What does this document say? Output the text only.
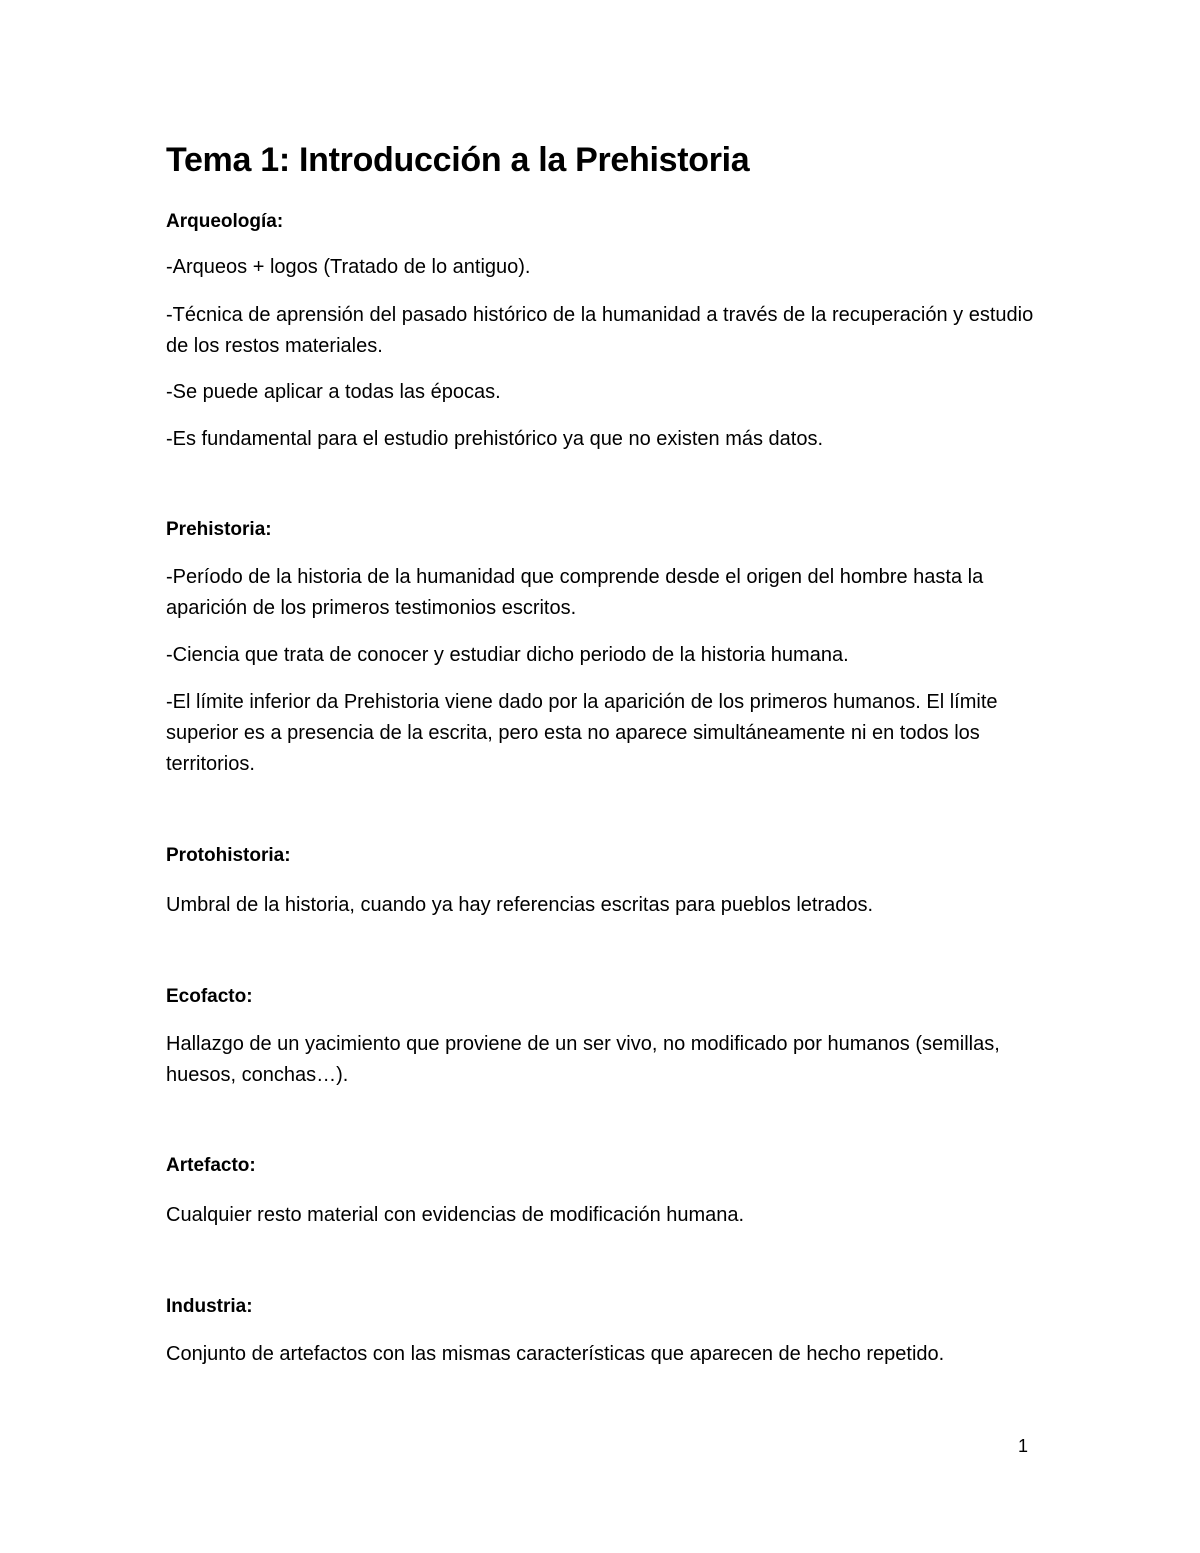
Tema 1: Introducción a la Prehistoria
Arqueología:

-Arqueos + logos (Tratado de lo antiguo).

-Técnica de aprensión del pasado histórico de la humanidad a través de la recuperación y estudio de los restos materiales.

-Se puede aplicar a todas las épocas.

-Es fundamental para el estudio prehistórico ya que no existen más datos.

Prehistoria:

-Período de la historia de la humanidad que comprende desde el origen del hombre hasta la aparición de los primeros testimonios escritos.

-Ciencia que trata de conocer y estudiar dicho periodo de la historia humana.

-El límite inferior da Prehistoria viene dado por la aparición de los primeros humanos. El límite superior es a presencia de la escrita, pero esta no aparece simultáneamente ni en todos los territorios.

Protohistoria:

Umbral de la historia, cuando ya hay referencias escritas para pueblos letrados.

Ecofacto:

Hallazgo de un yacimiento que proviene de un ser vivo, no modificado por humanos (semillas, huesos, conchas…).

Artefacto:

Cualquier resto material con evidencias de modificación humana.

Industria:

Conjunto de artefactos con las mismas características que aparecen de hecho repetido.

1
